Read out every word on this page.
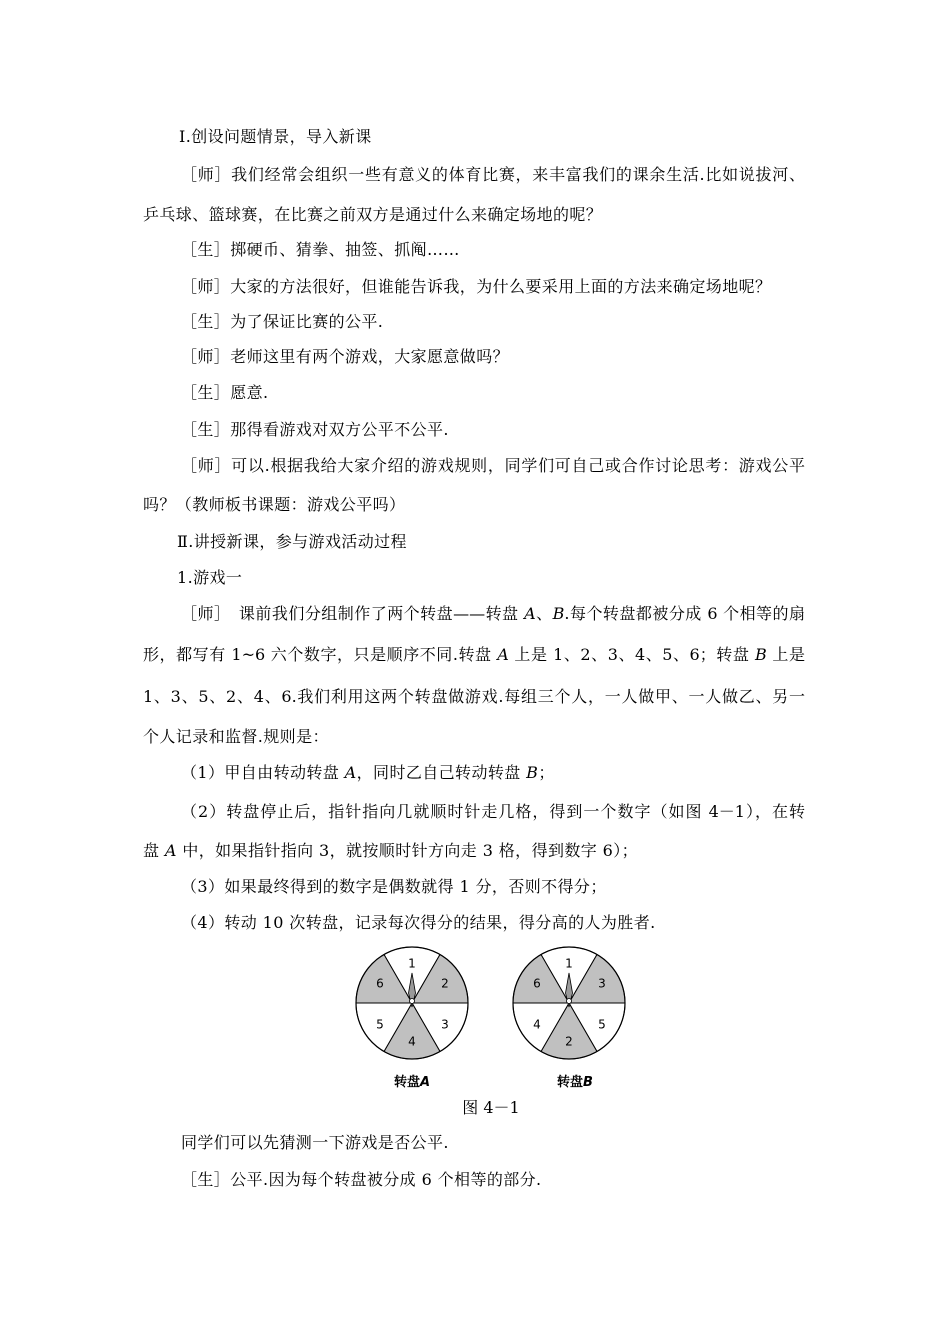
Ⅰ.创设问题情景，导入新课
［师］我们经常会组织一些有意义的体育比赛，来丰富我们的课余生活.比如说拔河、
乒乓球、篮球赛，在比赛之前双方是通过什么来确定场地的呢？
［生］掷硬币、猜拳、抽签、抓阄……
［师］大家的方法很好，但谁能告诉我，为什么要采用上面的方法来确定场地呢？
［生］为了保证比赛的公平.
［师］老师这里有两个游戏，大家愿意做吗？
［生］愿意.
［生］那得看游戏对双方公平不公平.
［师］可以.根据我给大家介绍的游戏规则，同学们可自己或合作讨论思考：游戏公平
吗？（教师板书课题：游戏公平吗）
Ⅱ.讲授新课，参与游戏活动过程
1.游戏一
［师］　课前我们分组制作了两个转盘——转盘 A、B.每个转盘都被分成 6 个相等的扇
形，都写有 1~6 六个数字，只是顺序不同.转盘 A 上是 1、2、3、4、5、6；转盘 B 上是
1、3、5、2、4、6.我们利用这两个转盘做游戏.每组三个人，一人做甲、一人做乙、另一
个人记录和监督.规则是：
（1）甲自由转动转盘 A，同时乙自己转动转盘 B；
（2）转盘停止后，指针指向几就顺时针走几格，得到一个数字（如图 4－1），在转
盘 A 中，如果指针指向 3，就按顺时针方向走 3 格，得到数字 6）；
（3）如果最终得到的数字是偶数就得 1 分，否则不得分；
（4）转动 10 次转盘，记录每次得分的结果，得分高的人为胜者.
1
2
3
4
5
6
1
3
5
2
4
6
转盘A	转盘B
图 4－1
同学们可以先猜测一下游戏是否公平.
［生］公平.因为每个转盘被分成 6 个相等的部分.
